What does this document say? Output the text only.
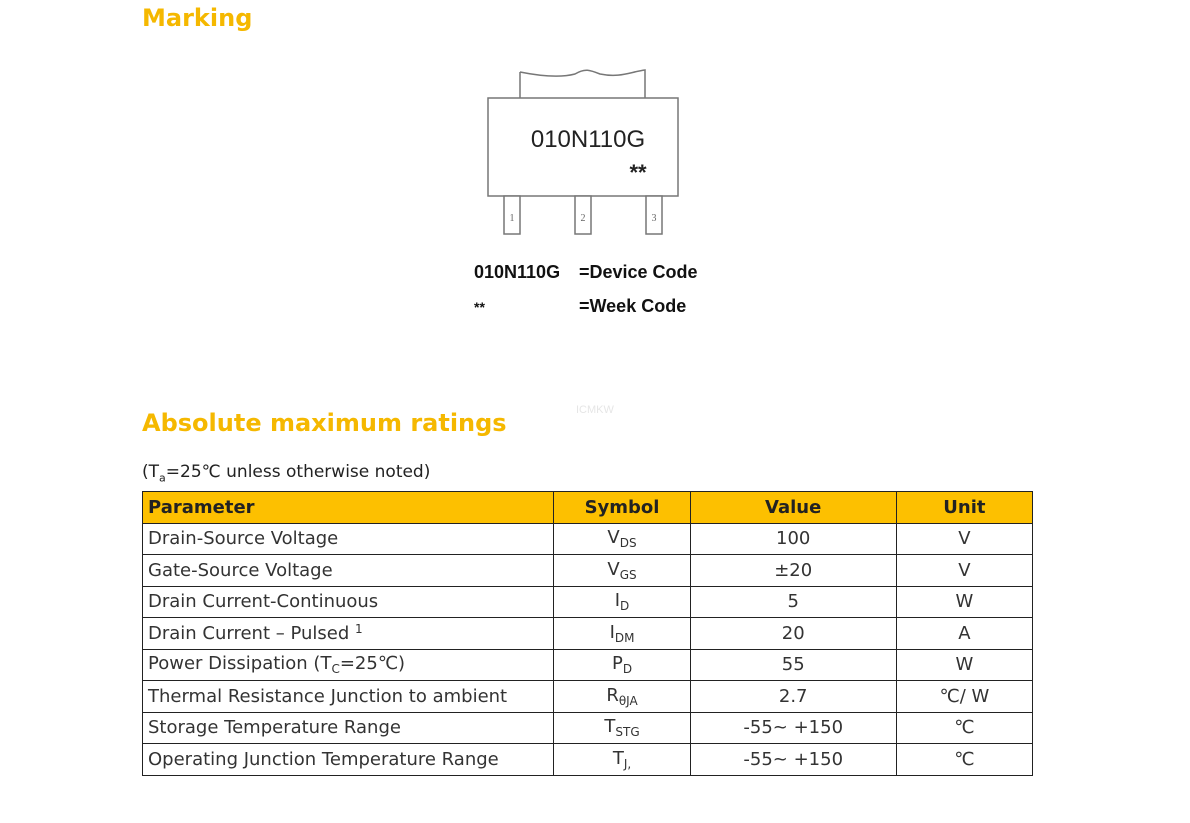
Marking
010N110G
**
1	2	3
010N110G =Device Code
**	=Week Code
ICMKW
Absolute maximum ratings
($T_a=25℃$ unless otherwise noted)
Parameter	Symbol	Value	Unit
Drain-Source Voltage	$V_{DS}$	100	V
Gate-Source Voltage	$V_{GS}$	±20	V
Drain Current-Continuous	$I_D$	5	W
Drain Current – Pulsed $^1$	$I_{DM}$	20	A
Power Dissipation $(T_C=25℃)$	$P_D$	55	W
Thermal Resistance Junction to ambient	$R_{\theta JA}$	2.7	℃/ W
Storage Temperature Range	$T_{STG}$	-55~ +150	℃
Operating Junction Temperature Range	$T_{J,}$	-55~ +150	℃
